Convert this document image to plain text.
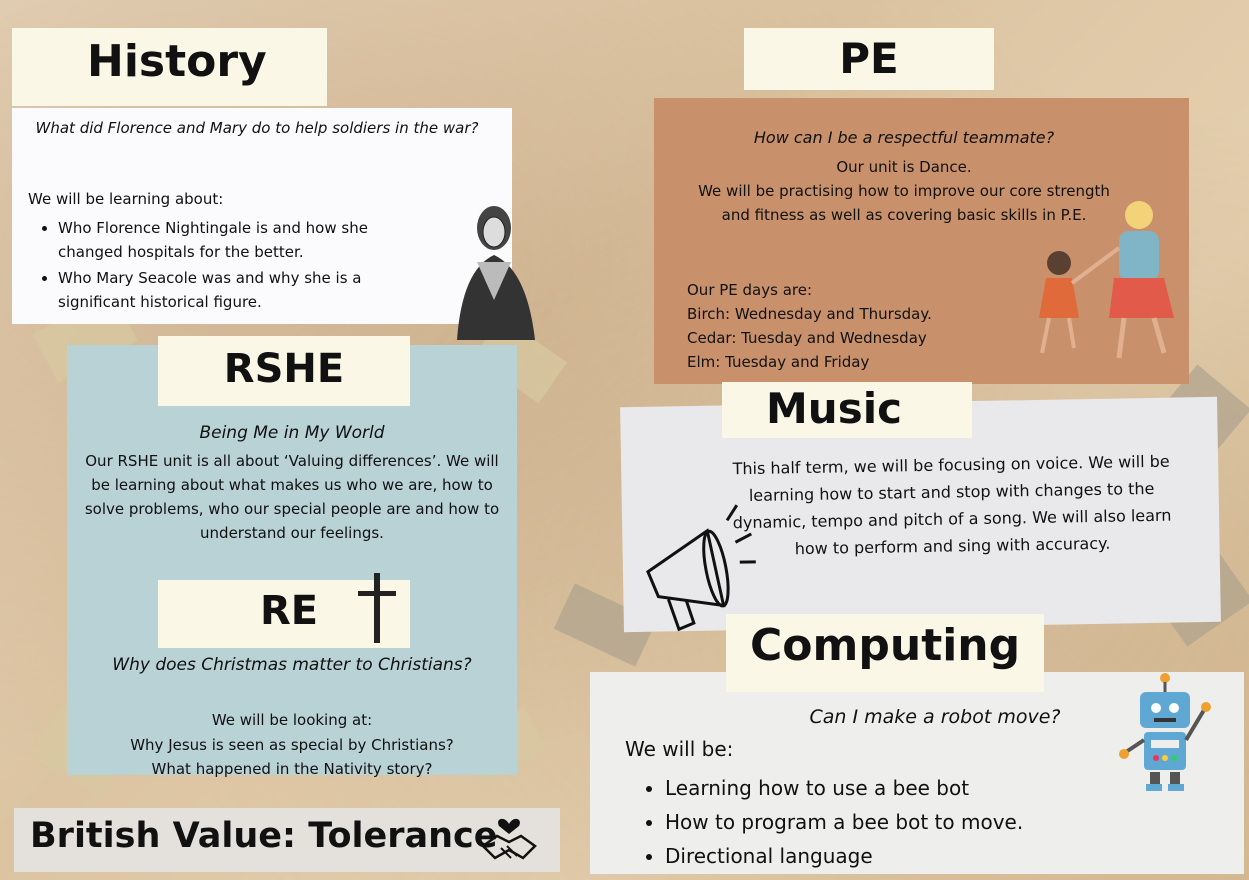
What did Florence and Mary do to help soldiers in the war?
We will be learning about:
• Who Florence Nightingale is and how she changed hospitals for the better.
• Who Mary Seacole was and why she is a significant historical figure.
History	PE
How can I be a respectful teammate?
Our unit is Dance.
We will be practising how to improve our core strength and fitness as well as covering basic skills in P.E.
Our PE days are:
Birch: Wednesday and Thursday.
Cedar: Tuesday and Wednesday
Elm: Tuesday and Friday
Being Me in My World
Our RSHE unit is all about ‘Valuing differences’. We will be learning about what makes us who we are, how to solve problems, who our special people are and how to understand our feelings.
Why does Christmas matter to Christians?
We will be looking at:
Why Jesus is seen as special by Christians?
What happened in the Nativity story?
RSHE
RE
This half term, we will be focusing on voice. We will be learning how to start and stop with changes to the dynamic, tempo and pitch of a song. We will also learn how to perform and sing with accuracy.
Music
Can I make a robot move?
We will be:
• Learning how to use a bee bot
• How to program a bee bot to move.
• Directional language
Computing
British Value: Tolerance
